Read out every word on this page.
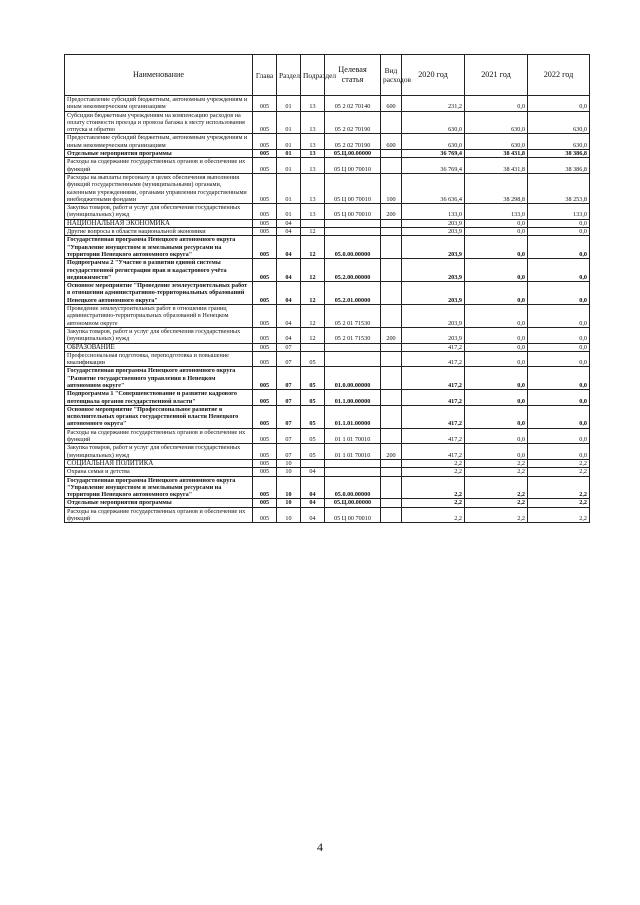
Наименование	Глава	Раздел	Подраздел	Целевая статья	Вид расходов	2020 год	2021 год	2022 год
Предоставление субсидий бюджетным, автономным учреждениям и иным некоммерческим организациям	005	01	13	05 2 02 70140	600	231,2	0,0	0,0
Субсидии бюджетным учреждениям на компенсацию расходов на оплату стоимости проезда и провоза багажа к месту использования отпуска и обратно	005	01	13	05 2 02 70190		630,0	630,0	630,0
Предоставление субсидий бюджетным, автономным учреждениям и иным некоммерческим организациям	005	01	13	05 2 02 70190	600	630,0	630,0	630,0
Отдельные мероприятия программы	005	01	13	05.Ц.00.00000		36 769,4	38 431,8	38 386,8
Расходы на содержание государственных органов и обеспечение их функций	005	01	13	05 Ц 00 70010		36 769,4	38 431,8	38 386,8
Расходы на выплаты персоналу в целях обеспечения выполнения функций государственными (муниципальными) органами, казенными учреждениями, органами управления государственными внебюджетными фондами	005	01	13	05 Ц 00 70010	100	36 636,4	38 298,8	38 253,8
Закупка товаров, работ и услуг для обеспечения государственных (муниципальных) нужд	005	01	13	05 Ц 00 70010	200	133,0	133,0	133,0
НАЦИОНАЛЬНАЯ ЭКОНОМИКА	005	04				203,9	0,0	0,0
Другие вопросы в области национальной экономики	005	04	12			203,9	0,0	0,0
Государственная программа Ненецкого автономного округа "Управление имуществом и земельными ресурсами на территории Ненецкого автономного округа"	005	04	12	05.0.00.00000		203,9	0,0	0,0
Подпрограмма 2 "Участие в развитии единой системы государственной регистрации прав и кадастрового учёта недвижимости"	005	04	12	05.2.00.00000		203,9	0,0	0,0
Основное мероприятие "Проведение землеустроительных работ в отношении административно-территориальных образований Ненецкого автономного округа"	005	04	12	05.2.01.00000		203,9	0,0	0,0
Проведение землеустроительных работ в отношении границ административно-территориальных образований в Ненецком автономном округе	005	04	12	05 2 01 71530		203,9	0,0	0,0
Закупка товаров, работ и услуг для обеспечения государственных (муниципальных) нужд	005	04	12	05 2 01 71530	200	203,9	0,0	0,0
ОБРАЗОВАНИЕ	005	07				417,2	0,0	0,0
Профессиональная подготовка, переподготовка и повышение квалификации	005	07	05			417,2	0,0	0,0
Государственная программа Ненецкого автономного округа "Развитие государственного управления в Ненецком автономном округе"	005	07	05	01.0.00.00000		417,2	0,0	0,0
Подпрограмма 1 "Совершенствование и развитие кадрового потенциала органов государственной власти"	005	07	05	01.1.00.00000		417,2	0,0	0,0
Основное мероприятие "Профессиональное развитие в исполнительных органах государственной власти Ненецкого автономного округа"	005	07	05	01.1.01.00000		417,2	0,0	0,0
Расходы на содержание государственных органов и обеспечение их функций	005	07	05	01 1 01 70010		417,2	0,0	0,0
Закупка товаров, работ и услуг для обеспечения государственных (муниципальных) нужд	005	07	05	01 1 01 70010	200	417,2	0,0	0,0
СОЦИАЛЬНАЯ ПОЛИТИКА	005	10				2,2	2,2	2,2
Охрана семьи и детства	005	10	04			2,2	2,2	2,2
Государственная программа Ненецкого автономного округа "Управление имуществом и земельными ресурсами на территории Ненецкого автономного округа"	005	10	04	05.0.00.00000		2,2	2,2	2,2
Отдельные мероприятия программы	005	10	04	05.Ц.00.00000		2,2	2,2	2,2
Расходы на содержание государственных органов и обеспечение их функций	005	10	04	05 Ц 00 70010		2,2	2,2	2,2
4
